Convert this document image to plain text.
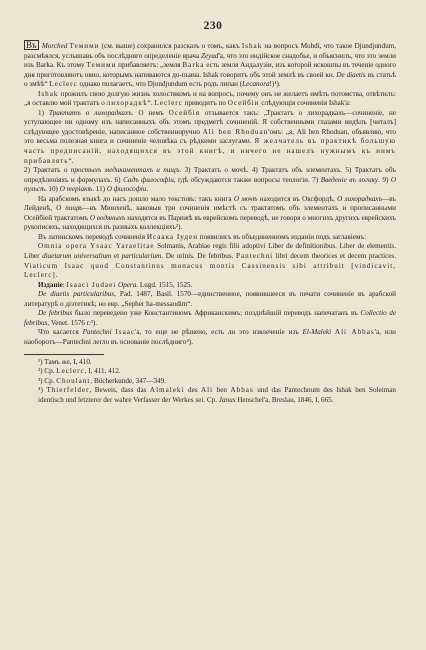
230

Въ Morched Темими (см. выше) сохранился разсказъ о томъ, какъ Ishak на вопросъ Mohdi, что такое Djundjundum, разсмѣялся, услышавъ объ послѣдняго определеніе врача Zeyad'a, что это индійское снадобье, и объяснилъ, что это земли изъ Barka. Къ этому Темими прибавляетъ: „земля Barka есть земля Андалузіи, изъ которой искошпы въ теченіе одного дня приготовляютъ овно, которымъ напиваются до-пьяна. Ishak говоритъ объ этой землѣ въ своей кн. De diaetis въ статьѣ о змѣѣ“ Leclerc однако полагаетъ, что Djundjundum есть родъ липан (Lecanora!)¹).

Ishak прожилъ свою долгую жизнь холостякомъ и на вопросъ, почему онъ не желаетъ имѣть потомства, отвѣтилъ: „я оставлю мой трактатъ о лихорадкѣ“. Leclerc приводитъ по Осейбіи слѣдующія сочиненія Ishak'a:

1) Трактатъ о лихорадкахъ. О немъ Осейбія отзывается такъ: „Трактатъ о лихорадкахъ—сочиненіе, не уступающее ни одному изъ написанныхъ объ этомъ предметѣ сочиненій. Я собственными глазами видѣлъ [читалъ] слѣдующее удостовѣреніе, написанное собственноручно Ali ben Rhoduan'омъ: „я, Ali ben Rhoduan, объявляю, что это весьма полезная книга и сочиненіе человѣка съ рѣдкими заслугами. Я желчатель въ практикѣ большую часть предписаній, находящихся въ этой книгѣ, и ничего не нашелъ нужнымъ къ нимъ прибавлять“.

2) Трактатъ о простыхъ медикаментахъ и пищъ. 3) Трактатъ о мочѣ. 4) Трактатъ объ элементахъ. 5) Трактатъ объ опредѣленіяхъ и формулахъ. 6) Садъ философіи, гдѣ обсуждаются также вопросы теологіи. 7) Введеніе въ логику. 9) О пульсѣ. 10) О теріакѣ. 11) О философіи.

На арабскомъ языкѣ до насъ дошло мало текстовъ: такъ книга О мочѣ находится въ Оксфордѣ, О лихорадкахъ—въ Лейденѣ, О пищѣ—въ Мюнхенѣ, каковыя три сочиненія имѣстѣ съ трактатомъ объ элементахъ и прописанными Осейбіей трактатомъ О водяныхъ находятся въ Парижѣ въ еврейскомъ переводѣ, не говоря о многихъ другихъ еврейскихъ рукописяхъ, находящихся въ разныхъ коллекціяхъ²).

Въ латинскомъ переводѣ сочиненія Исаака Іуден появились въ объединенномъ изданіи подъ заглавіемъ:

Omnia opera Ysaac Yaraelitae Solmanis, Arabiae regis filii adoptivi Liber de definitionibus. Liber de elementis. Liber diaetarum universalium et particularium. De urinis. De febribus. Pantechni libri decem theorices et decem practices. Viaticum Isaac quod Constantinus monacus montis Cassinensis sibi attribuit [vindicavit, Leclerc].

Изданіе: Isaaci Judaei Opera. Lugd. 1515, 1525.

De diaetis particularibus, Pad. 1487, Basil. 1570—единственное, появившееся въ печати сочиненіе въ арабской литературѣ о діэтетикѣ; но евр. „Sepher ha-messaodim“.

De febribus было переведено уже Константиномъ Африканскимъ; позднѣйшій переводъ напечатанъ въ Collectio de febribus, Venet. 1576 г.³).

Что касается Pantechni Isaac'а, то еще не рѣшено, есть ли это извлеченіе изъ El-Maleki Ali Abbas'а, или наоборотъ—Pantechni легло въ основаніе послѣдняго⁴).

¹) Тамъ же, I, 410.

²) Ср. Leclerc, I, 411, 412.

³) Ср. Choulant, Bücherkunde, 347—349.

⁴) Thierfelder, Beweis, dass das Almaleki des Ali ben Abbas und das Pantechnum des Ishak ben Soleiman identisch und letzterer der wahre Verfasser der Werkes sei. Cp. Janus Henschel'a, Breslau, 1846, I, 665.
